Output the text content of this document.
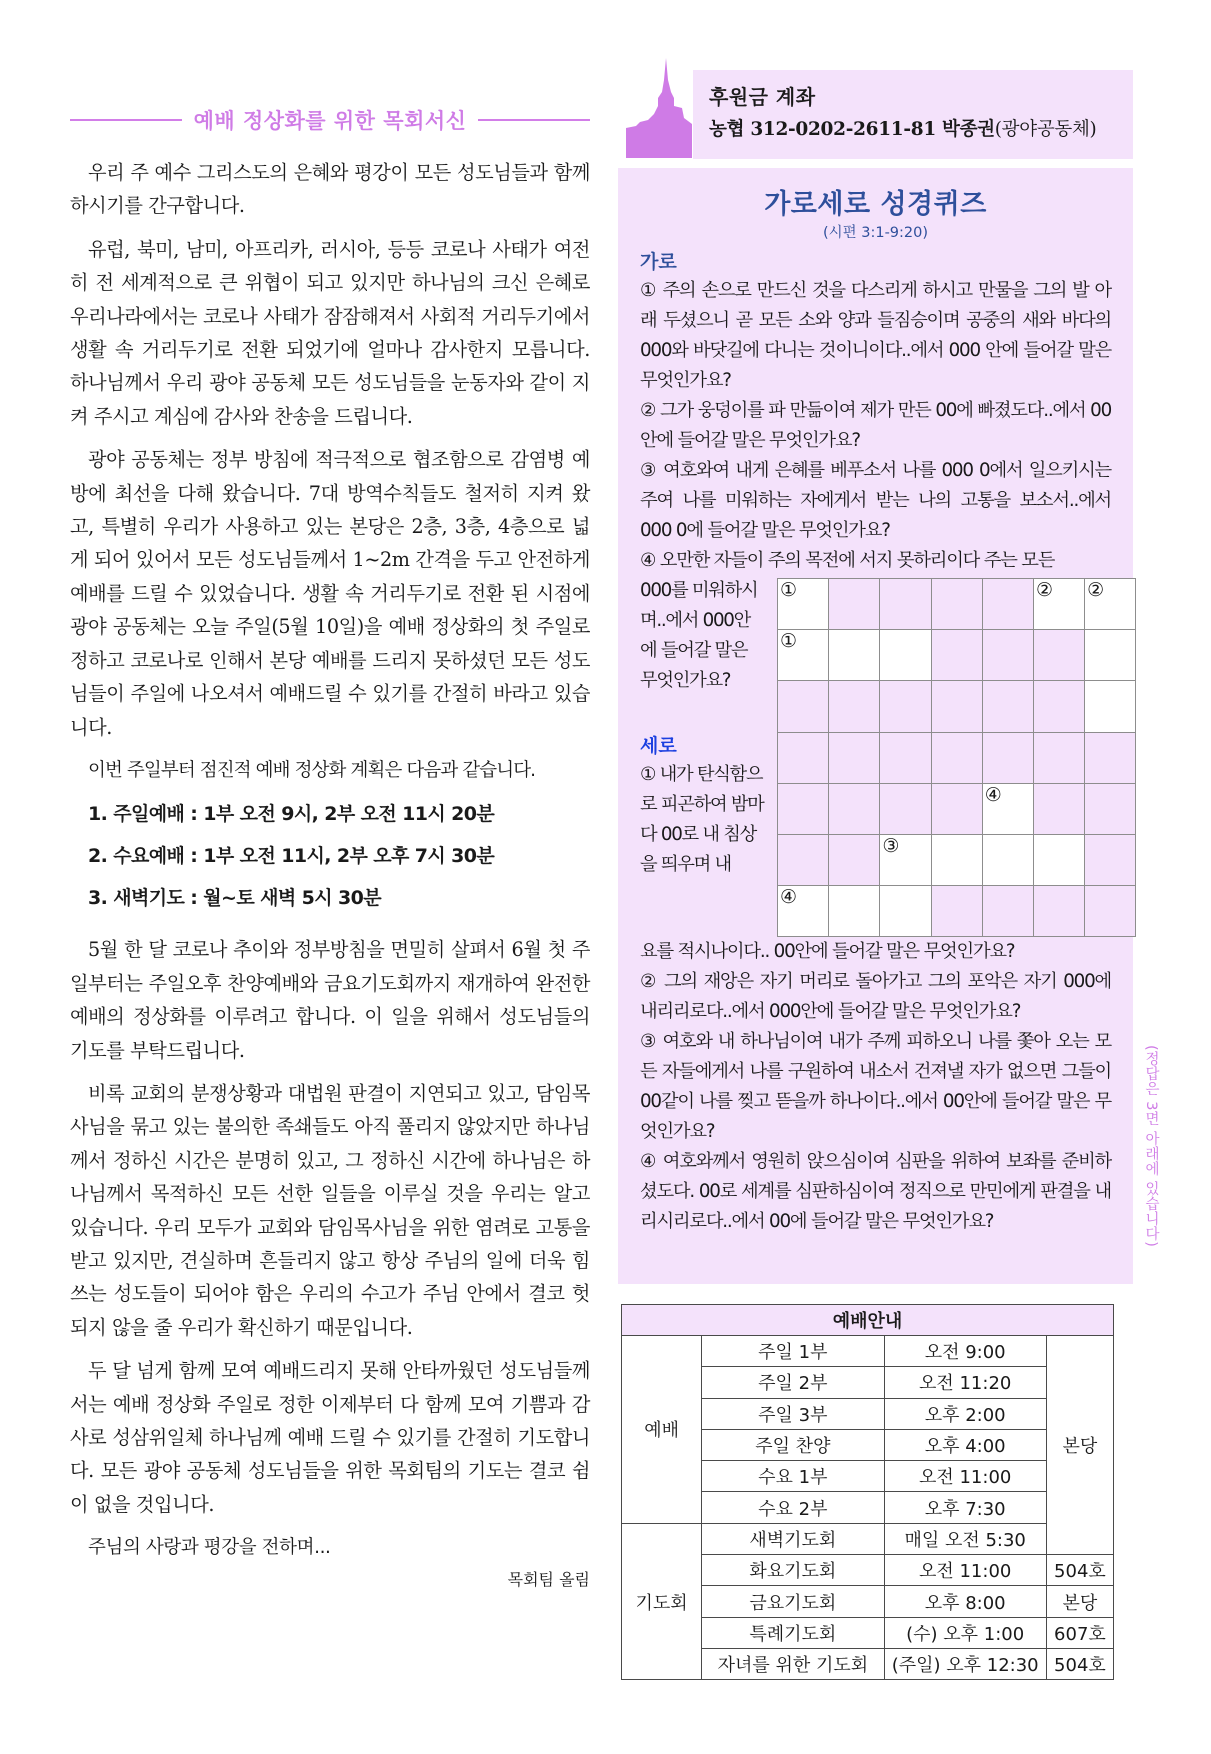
예배 정상화를 위한 목회서신

우리 주 예수 그리스도의 은혜와 평강이 모든 성도님들과 함께 하시기를 간구합니다.

유럽, 북미, 남미, 아프리카, 러시아, 등등 코로나 사태가 여전히 전 세계적으로 큰 위협이 되고 있지만 하나님의 크신 은혜로 우리나라에서는 코로나 사태가 잠잠해져서 사회적 거리두기에서 생활 속 거리두기로 전환 되었기에 얼마나 감사한지 모릅니다. 하나님께서 우리 광야 공동체 모든 성도님들을 눈동자와 같이 지켜 주시고 계심에 감사와 찬송을 드립니다.

광야 공동체는 정부 방침에 적극적으로 협조함으로 감염병 예방에 최선을 다해 왔습니다. 7대 방역수칙들도 철저히 지켜 왔고, 특별히 우리가 사용하고 있는 본당은 2층, 3층, 4층으로 넓게 되어 있어서 모든 성도님들께서 1~2m 간격을 두고 안전하게 예배를 드릴 수 있었습니다. 생활 속 거리두기로 전환 된 시점에 광야 공동체는 오늘 주일(5월 10일)을 예배 정상화의 첫 주일로 정하고 코로나로 인해서 본당 예배를 드리지 못하셨던 모든 성도님들이 주일에 나오셔서 예배드릴 수 있기를 간절히 바라고 있습니다.

이번 주일부터 점진적 예배 정상화 계획은 다음과 같습니다.

1. 주일예배 : 1부 오전 9시, 2부 오전 11시 20분
2. 수요예배 : 1부 오전 11시, 2부 오후 7시 30분
3. 새벽기도 : 월~토 새벽 5시 30분

5월 한 달 코로나 추이와 정부방침을 면밀히 살펴서 6월 첫 주일부터는 주일오후 찬양예배와 금요기도회까지 재개하여 완전한 예배의 정상화를 이루려고 합니다. 이 일을 위해서 성도님들의 기도를 부탁드립니다.

비록 교회의 분쟁상황과 대법원 판결이 지연되고 있고, 담임목사님을 묶고 있는 불의한 족쇄들도 아직 풀리지 않았지만 하나님께서 정하신 시간은 분명히 있고, 그 정하신 시간에 하나님은 하나님께서 목적하신 모든 선한 일들을 이루실 것을 우리는 알고 있습니다. 우리 모두가 교회와 담임목사님을 위한 염려로 고통을 받고 있지만, 견실하며 흔들리지 않고 항상 주님의 일에 더욱 힘쓰는 성도들이 되어야 함은 우리의 수고가 주님 안에서 결코 헛되지 않을 줄 우리가 확신하기 때문입니다.

두 달 넘게 함께 모여 예배드리지 못해 안타까웠던 성도님들께서는 예배 정상화 주일로 정한 이제부터 다 함께 모여 기쁨과 감사로 성삼위일체 하나님께 예배 드릴 수 있기를 간절히 기도합니다. 모든 광야 공동체 성도님들을 위한 목회팀의 기도는 결코 쉼이 없을 것입니다.

주님의 사랑과 평강을 전하며...

목회팀 올림
후원금 계좌
농협 312-0202-2611-81 박종권(광야공동체)
가로세로 성경퀴즈
(시편 3:1-9:20)
가로
① 주의 손으로 만드신 것을 다스리게 하시고 만물을 그의 발 아래 두셨으니 곧 모든 소와 양과 들짐승이며 공중의 새와 바다의 000와 바닷길에 다니는 것이니이다..에서 000 안에 들어갈 말은 무엇인가요?
② 그가 웅덩이를 파 만듦이여 제가 만든 00에 빠졌도다..에서 00안에 들어갈 말은 무엇인가요?
③ 여호와여 내게 은혜를 베푸소서 나를 000 0에서 일으키시는 주여 나를 미워하는 자에게서 받는 나의 고통을 보소서..에서 000 0에 들어갈 말은 무엇인가요?
④ 오만한 자들이 주의 목전에 서지 못하리이다 주는 모든
000를 미워하시며..에서 000안에 들어갈 말은 무엇인가요?
세로
① 내가 탄식함으로 피곤하여 밤마다 00로 내 침상을 띄우며 내
①	② ②
①
④
③
④
요를 적시나이다.. 00안에 들어갈 말은 무엇인가요?
② 그의 재앙은 자기 머리로 돌아가고 그의 포악은 자기 000에 내리리로다..에서 000안에 들어갈 말은 무엇인가요?
③ 여호와 내 하나님이여 내가 주께 피하오니 나를 쫓아 오는 모든 자들에게서 나를 구원하여 내소서 건져낼 자가 없으면 그들이 00같이 나를 찢고 뜯을까 하나이다..에서 00안에 들어갈 말은 무엇인가요?
④ 여호와께서 영원히 앉으심이여 심판을 위하여 보좌를 준비하셨도다. 00로 세계를 심판하심이여 정직으로 만민에게 판결을 내리시리로다..에서 00에 들어갈 말은 무엇인가요?	(정답은 3면 아래에 있습니다)
예배안내			
예배	주일 1부	오전 9:00	본당
	주일 2부	오전 11:20	
	주일 3부	오후 2:00	
	주일 찬양	오후 4:00	
	수요 1부	오전 11:00	
	수요 2부	오후 7:30	
기도회	새벽기도회	매일 오전 5:30	
	화요기도회	오전 11:00	504호
	금요기도회	오후 8:00	본당
	특례기도회	(수) 오후 1:00	607호
	자녀를 위한 기도회	(주일) 오후 12:30	504호
